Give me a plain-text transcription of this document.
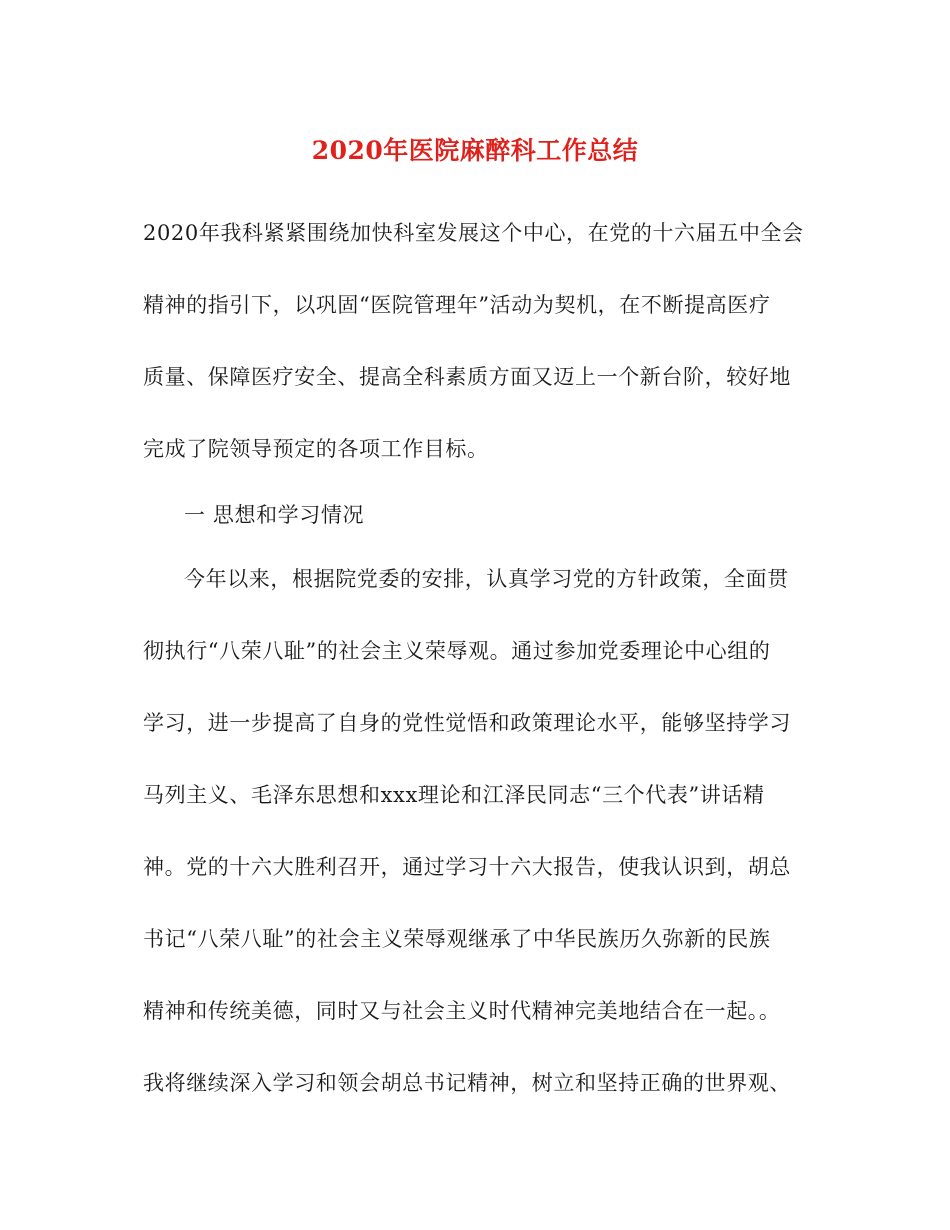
2020年医院麻醉科工作总结
2020年我科紧紧围绕加快科室发展这个中心，在党的十六届五中全会
精神的指引下，以巩固“医院管理年”活动为契机，在不断提高医疗
质量、保障医疗安全、提高全科素质方面又迈上一个新台阶，较好地
完成了院领导预定的各项工作目标。
一 思想和学习情况
今年以来，根据院党委的安排，认真学习党的方针政策，全面贯
彻执行“八荣八耻”的社会主义荣辱观。通过参加党委理论中心组的
学习，进一步提高了自身的党性觉悟和政策理论水平，能够坚持学习
马列主义、毛泽东思想和xxx理论和江泽民同志“三个代表”讲话精
神。党的十六大胜利召开，通过学习十六大报告，使我认识到，胡总
书记“八荣八耻”的社会主义荣辱观继承了中华民族历久弥新的民族
精神和传统美德，同时又与社会主义时代精神完美地结合在一起。。
我将继续深入学习和领会胡总书记精神，树立和坚持正确的世界观、
